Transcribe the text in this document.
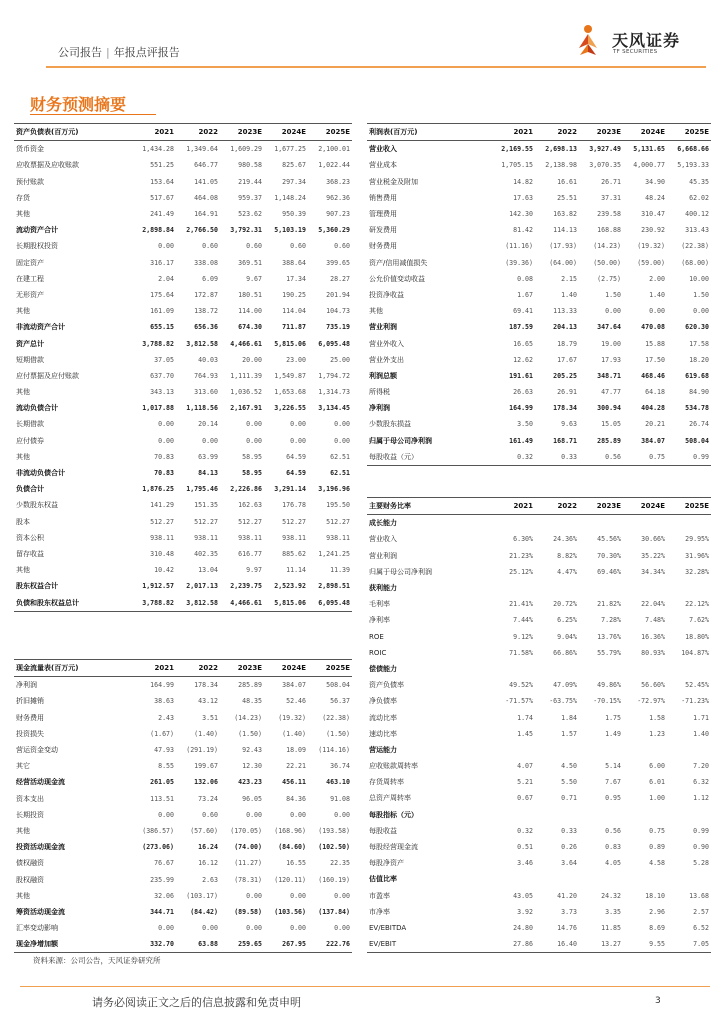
公司报告 | 年报点评报告
天风证券
TF SECURITIES
财务预测摘要
资产负债表(百万元)	2021	2022	2023E	2024E	2025E
货币资金	1,434.28	1,349.64	1,609.29	1,677.25	2,100.01
应收票据及应收账款	551.25	646.77	980.58	825.67	1,022.44
预付账款	153.64	141.05	219.44	297.34	368.23
存货	517.67	464.08	959.37	1,148.24	962.36
其他	241.49	164.91	523.62	950.39	907.23
流动资产合计	2,898.84	2,766.50	3,792.31	5,103.19	5,360.29
长期股权投资	0.00	0.60	0.60	0.60	0.60
固定资产	316.17	338.08	369.51	388.64	399.65
在建工程	2.04	6.09	9.67	17.34	28.27
无形资产	175.64	172.87	180.51	190.25	201.94
其他	161.09	138.72	114.00	114.04	104.73
非流动资产合计	655.15	656.36	674.30	711.87	735.19
资产总计	3,788.82	3,812.58	4,466.61	5,815.06	6,095.48
短期借款	37.05	40.03	20.00	23.00	25.00
应付票据及应付账款	637.70	764.93	1,111.39	1,549.87	1,794.72
其他	343.13	313.60	1,036.52	1,653.68	1,314.73
流动负债合计	1,017.88	1,118.56	2,167.91	3,226.55	3,134.45
长期借款	0.00	20.14	0.00	0.00	0.00
应付债券	0.00	0.00	0.00	0.00	0.00
其他	70.83	63.99	58.95	64.59	62.51
非流动负债合计	70.83	84.13	58.95	64.59	62.51
负债合计	1,876.25	1,795.46	2,226.86	3,291.14	3,196.96
少数股东权益	141.29	151.35	162.63	176.78	195.50
股本	512.27	512.27	512.27	512.27	512.27
资本公积	938.11	938.11	938.11	938.11	938.11
留存收益	310.48	402.35	616.77	885.62	1,241.25
其他	10.42	13.04	9.97	11.14	11.39
股东权益合计	1,912.57	2,017.13	2,239.75	2,523.92	2,898.51
负债和股东权益总计	3,788.82	3,812.58	4,466.61	5,815.06	6,095.48
利润表(百万元)	2021	2022	2023E	2024E	2025E
营业收入	2,169.55	2,698.13	3,927.49	5,131.65	6,668.66
营业成本	1,705.15	2,138.98	3,070.35	4,000.77	5,193.33
营业税金及附加	14.82	16.61	26.71	34.90	45.35
销售费用	17.63	25.51	37.31	48.24	62.02
管理费用	142.30	163.82	239.58	310.47	400.12
研发费用	81.42	114.13	168.88	230.92	313.43
财务费用	(11.16)	(17.93)	(14.23)	(19.32)	(22.38)
资产/信用减值损失	(39.36)	(64.00)	(50.00)	(59.00)	(68.00)
公允价值变动收益	0.08	2.15	(2.75)	2.00	10.00
投资净收益	1.67	1.40	1.50	1.40	1.50
其他	69.41	113.33	0.00	0.00	0.00
营业利润	187.59	204.13	347.64	470.08	620.30
营业外收入	16.65	18.79	19.00	15.88	17.58
营业外支出	12.62	17.67	17.93	17.50	18.20
利润总额	191.61	205.25	348.71	468.46	619.68
所得税	26.63	26.91	47.77	64.18	84.90
净利润	164.99	178.34	300.94	404.28	534.78
少数股东损益	3.50	9.63	15.05	20.21	26.74
归属于母公司净利润	161.49	168.71	285.89	384.07	508.04
每股收益（元）	0.32	0.33	0.56	0.75	0.99
主要财务比率	2021	2022	2023E	2024E	2025E
成长能力					
营业收入	6.30%	24.36%	45.56%	30.66%	29.95%
营业利润	21.23%	8.82%	70.30%	35.22%	31.96%
归属于母公司净利润	25.12%	4.47%	69.46%	34.34%	32.28%
获利能力					
毛利率	21.41%	20.72%	21.82%	22.04%	22.12%
净利率	7.44%	6.25%	7.28%	7.48%	7.62%
ROE	9.12%	9.04%	13.76%	16.36%	18.80%
ROIC	71.58%	66.86%	55.79%	80.93%	104.87%
偿债能力					
资产负债率	49.52%	47.09%	49.86%	56.60%	52.45%
净负债率	-71.57%	-63.75%	-70.15%	-72.97%	-71.23%
流动比率	1.74	1.84	1.75	1.58	1.71
速动比率	1.45	1.57	1.49	1.23	1.40
营运能力					
应收账款周转率	4.07	4.50	5.14	6.00	7.20
存货周转率	5.21	5.50	7.67	6.01	6.32
总资产周转率	0.67	0.71	0.95	1.00	1.12
每股指标（元）					
每股收益	0.32	0.33	0.56	0.75	0.99
每股经营现金流	0.51	0.26	0.83	0.89	0.90
每股净资产	3.46	3.64	4.05	4.58	5.28
估值比率					
市盈率	43.05	41.20	24.32	18.10	13.68
市净率	3.92	3.73	3.35	2.96	2.57
EV/EBITDA	24.80	14.76	11.85	8.69	6.52
EV/EBIT	27.86	16.40	13.27	9.55	7.05
现金流量表(百万元)	2021	2022	2023E	2024E	2025E
净利润	164.99	178.34	285.89	384.07	508.04
折旧摊销	38.63	43.12	48.35	52.46	56.37
财务费用	2.43	3.51	(14.23)	(19.32)	(22.38)
投资损失	(1.67)	(1.40)	(1.50)	(1.40)	(1.50)
营运资金变动	47.93	(291.19)	92.43	18.09	(114.16)
其它	8.55	199.67	12.30	22.21	36.74
经营活动现金流	261.05	132.06	423.23	456.11	463.10
资本支出	113.51	73.24	96.05	84.36	91.08
长期投资	0.00	0.60	0.00	0.00	0.00
其他	(386.57)	(57.60)	(170.05)	(168.96)	(193.58)
投资活动现金流	(273.06)	16.24	(74.00)	(84.60)	(102.50)
债权融资	76.67	16.12	(11.27)	16.55	22.35
股权融资	235.99	2.63	(78.31)	(120.11)	(160.19)
其他	32.06	(103.17)	0.00	0.00	0.00
筹资活动现金流	344.71	(84.42)	(89.58)	(103.56)	(137.84)
汇率变动影响	0.00	0.00	0.00	0.00	0.00
现金净增加额	332.70	63.88	259.65	267.95	222.76
资料来源：公司公告，天风证券研究所
请务必阅读正文之后的信息披露和免责申明	3
